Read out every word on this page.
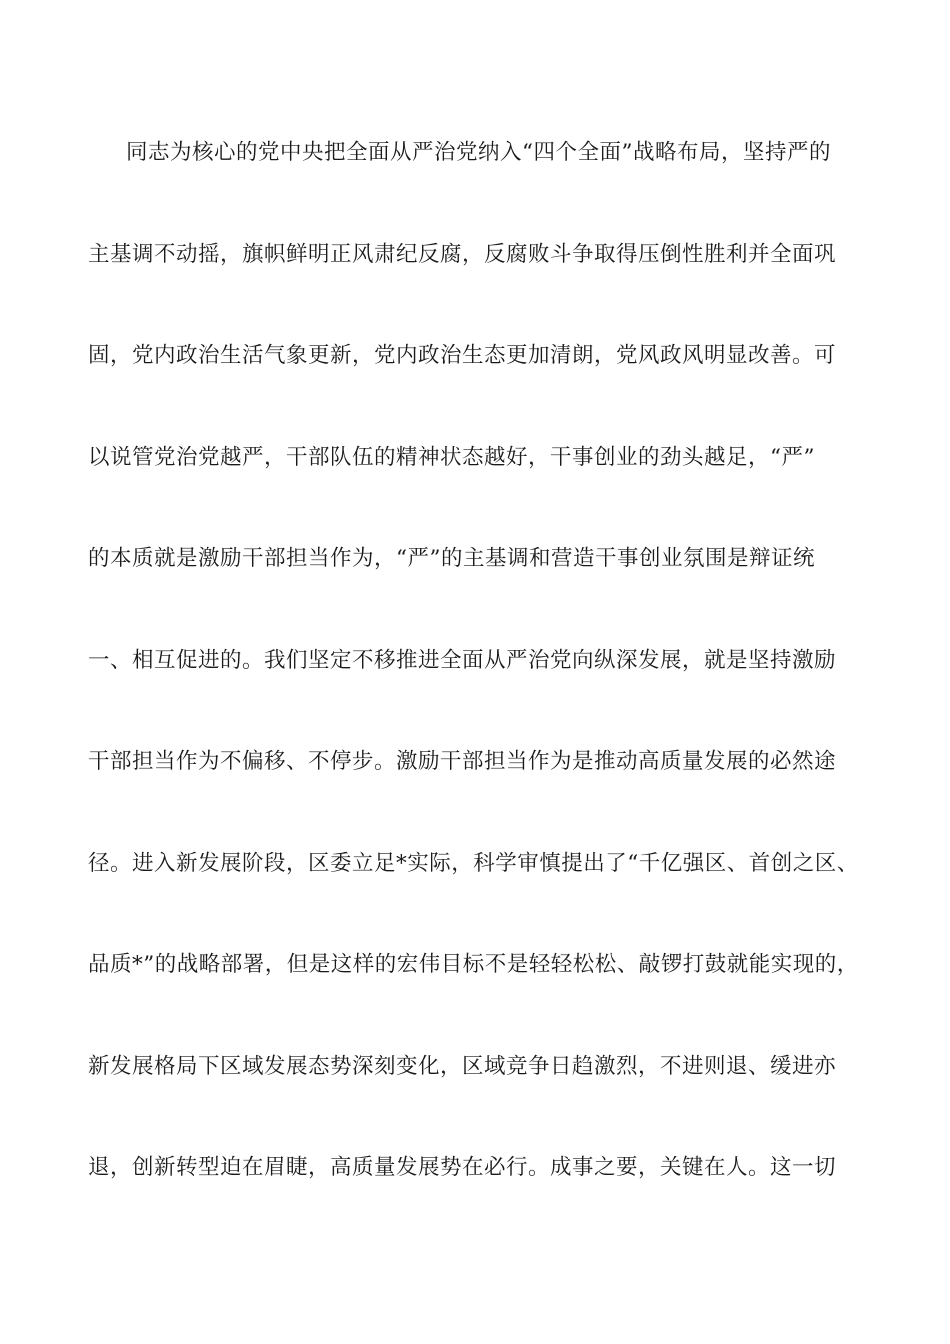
同志为核心的党中央把全面从严治党纳入“四个全面”战略布局，坚持严的
主基调不动摇，旗帜鲜明正风肃纪反腐，反腐败斗争取得压倒性胜利并全面巩
固，党内政治生活气象更新，党内政治生态更加清朗，党风政风明显改善。可
以说管党治党越严，干部队伍的精神状态越好，干事创业的劲头越足，“严”
的本质就是激励干部担当作为，“严”的主基调和营造干事创业氛围是辩证统
一、相互促进的。我们坚定不移推进全面从严治党向纵深发展，就是坚持激励
干部担当作为不偏移、不停步。激励干部担当作为是推动高质量发展的必然途
径。进入新发展阶段，区委立足*实际，科学审慎提出了“千亿强区、首创之区、
品质*”的战略部署，但是这样的宏伟目标不是轻轻松松、敲锣打鼓就能实现的，
新发展格局下区域发展态势深刻变化，区域竞争日趋激烈，不进则退、缓进亦
退，创新转型迫在眉睫，高质量发展势在必行。成事之要，关键在人。这一切
